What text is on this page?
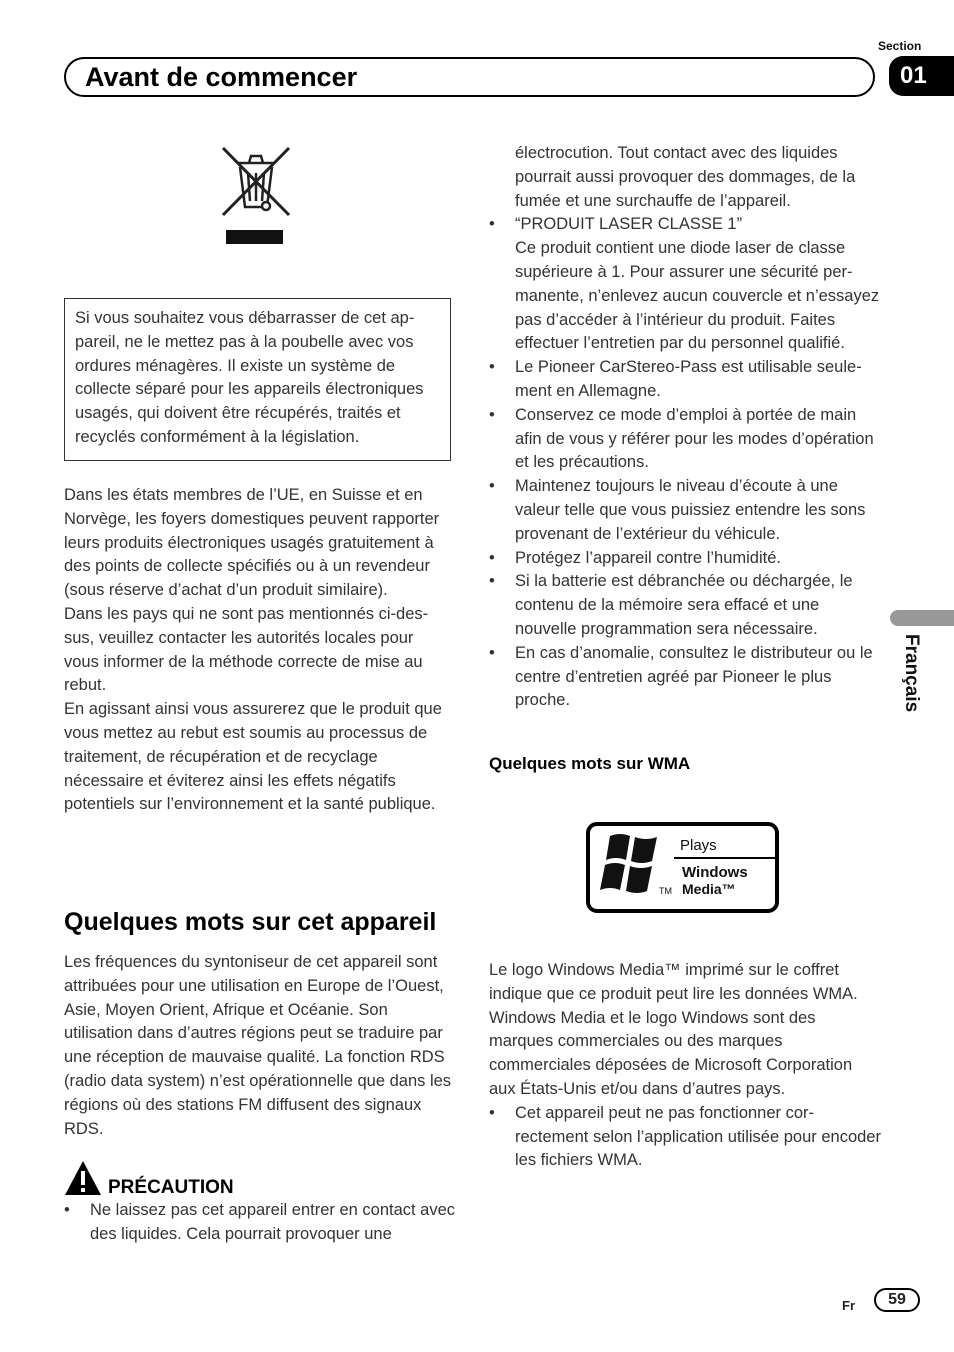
Section
01
Avant de commencer
Français

Si vous souhaitez vous débarrasser de cet appareil, ne le mettez pas à la poubelle avec vos ordures ménagères. Il existe un système de collecte séparé pour les appareils électroniques usagés, qui doivent être récupérés, traités et recyclés conformément à la législation.

Dans les états membres de l’UE, en Suisse et en Norvège, les foyers domestiques peuvent rapporter leurs produits électroniques usagés gratuitement à des points de collecte spécifiés ou à un revendeur (sous réserve d’achat d’un produit similaire).

Dans les pays qui ne sont pas mentionnés ci-dessus, veuillez contacter les autorités locales pour vous informer de la méthode correcte de mise au rebut.

En agissant ainsi vous assurerez que le produit que vous mettez au rebut est soumis au processus de traitement, de récupération et de recyclage nécessaire et éviterez ainsi les effets négatifs potentiels sur l’environnement et la santé publique.

Quelques mots sur cet appareil

Les fréquences du syntoniseur de cet appareil sont attribuées pour une utilisation en Europe de l’Ouest, Asie, Moyen Orient, Afrique et Océanie. Son utilisation dans d’autres régions peut se traduire par une réception de mauvaise qualité. La fonction RDS (radio data system) n’est opérationnelle que dans les régions où des stations FM diffusent des signaux RDS.

PRÉCAUTION
• Ne laissez pas cet appareil entrer en contact avec des liquides. Cela pourrait provoquer une

électrocution. Tout contact avec des liquides pourrait aussi provoquer des dommages, de la fumée et une surchauffe de l’appareil.

• “PRODUIT LASER CLASSE 1”
Ce produit contient une diode laser de classe supérieure à 1. Pour assurer une sécurité permanente, n’enlevez aucun couvercle et n’essayez pas d’accéder à l’intérieur du produit. Faites effectuer l’entretien par du personnel qualifié.
• Le Pioneer CarStereo-Pass est utilisable seulement en Allemagne.
• Conservez ce mode d’emploi à portée de main afin de vous y référer pour les modes d’opération et les précautions.
• Maintenez toujours le niveau d’écoute à une valeur telle que vous puissiez entendre les sons provenant de l’extérieur du véhicule.
• Protégez l’appareil contre l’humidité.
• Si la batterie est débranchée ou déchargée, le contenu de la mémoire sera effacé et une nouvelle programmation sera nécessaire.
• En cas d’anomalie, consultez le distributeur ou le centre d’entretien agréé par Pioneer le plus proche.
Quelques mots sur WMA
Plays
Windows
Media™
TM

Le logo Windows Media™ imprimé sur le coffret indique que ce produit peut lire les données WMA.

Windows Media et le logo Windows sont des marques commerciales ou des marques commerciales déposées de Microsoft Corporation aux États-Unis et/ou dans d’autres pays.

• Cet appareil peut ne pas fonctionner correctement selon l’application utilisée pour encoder les fichiers WMA.
Fr	59
